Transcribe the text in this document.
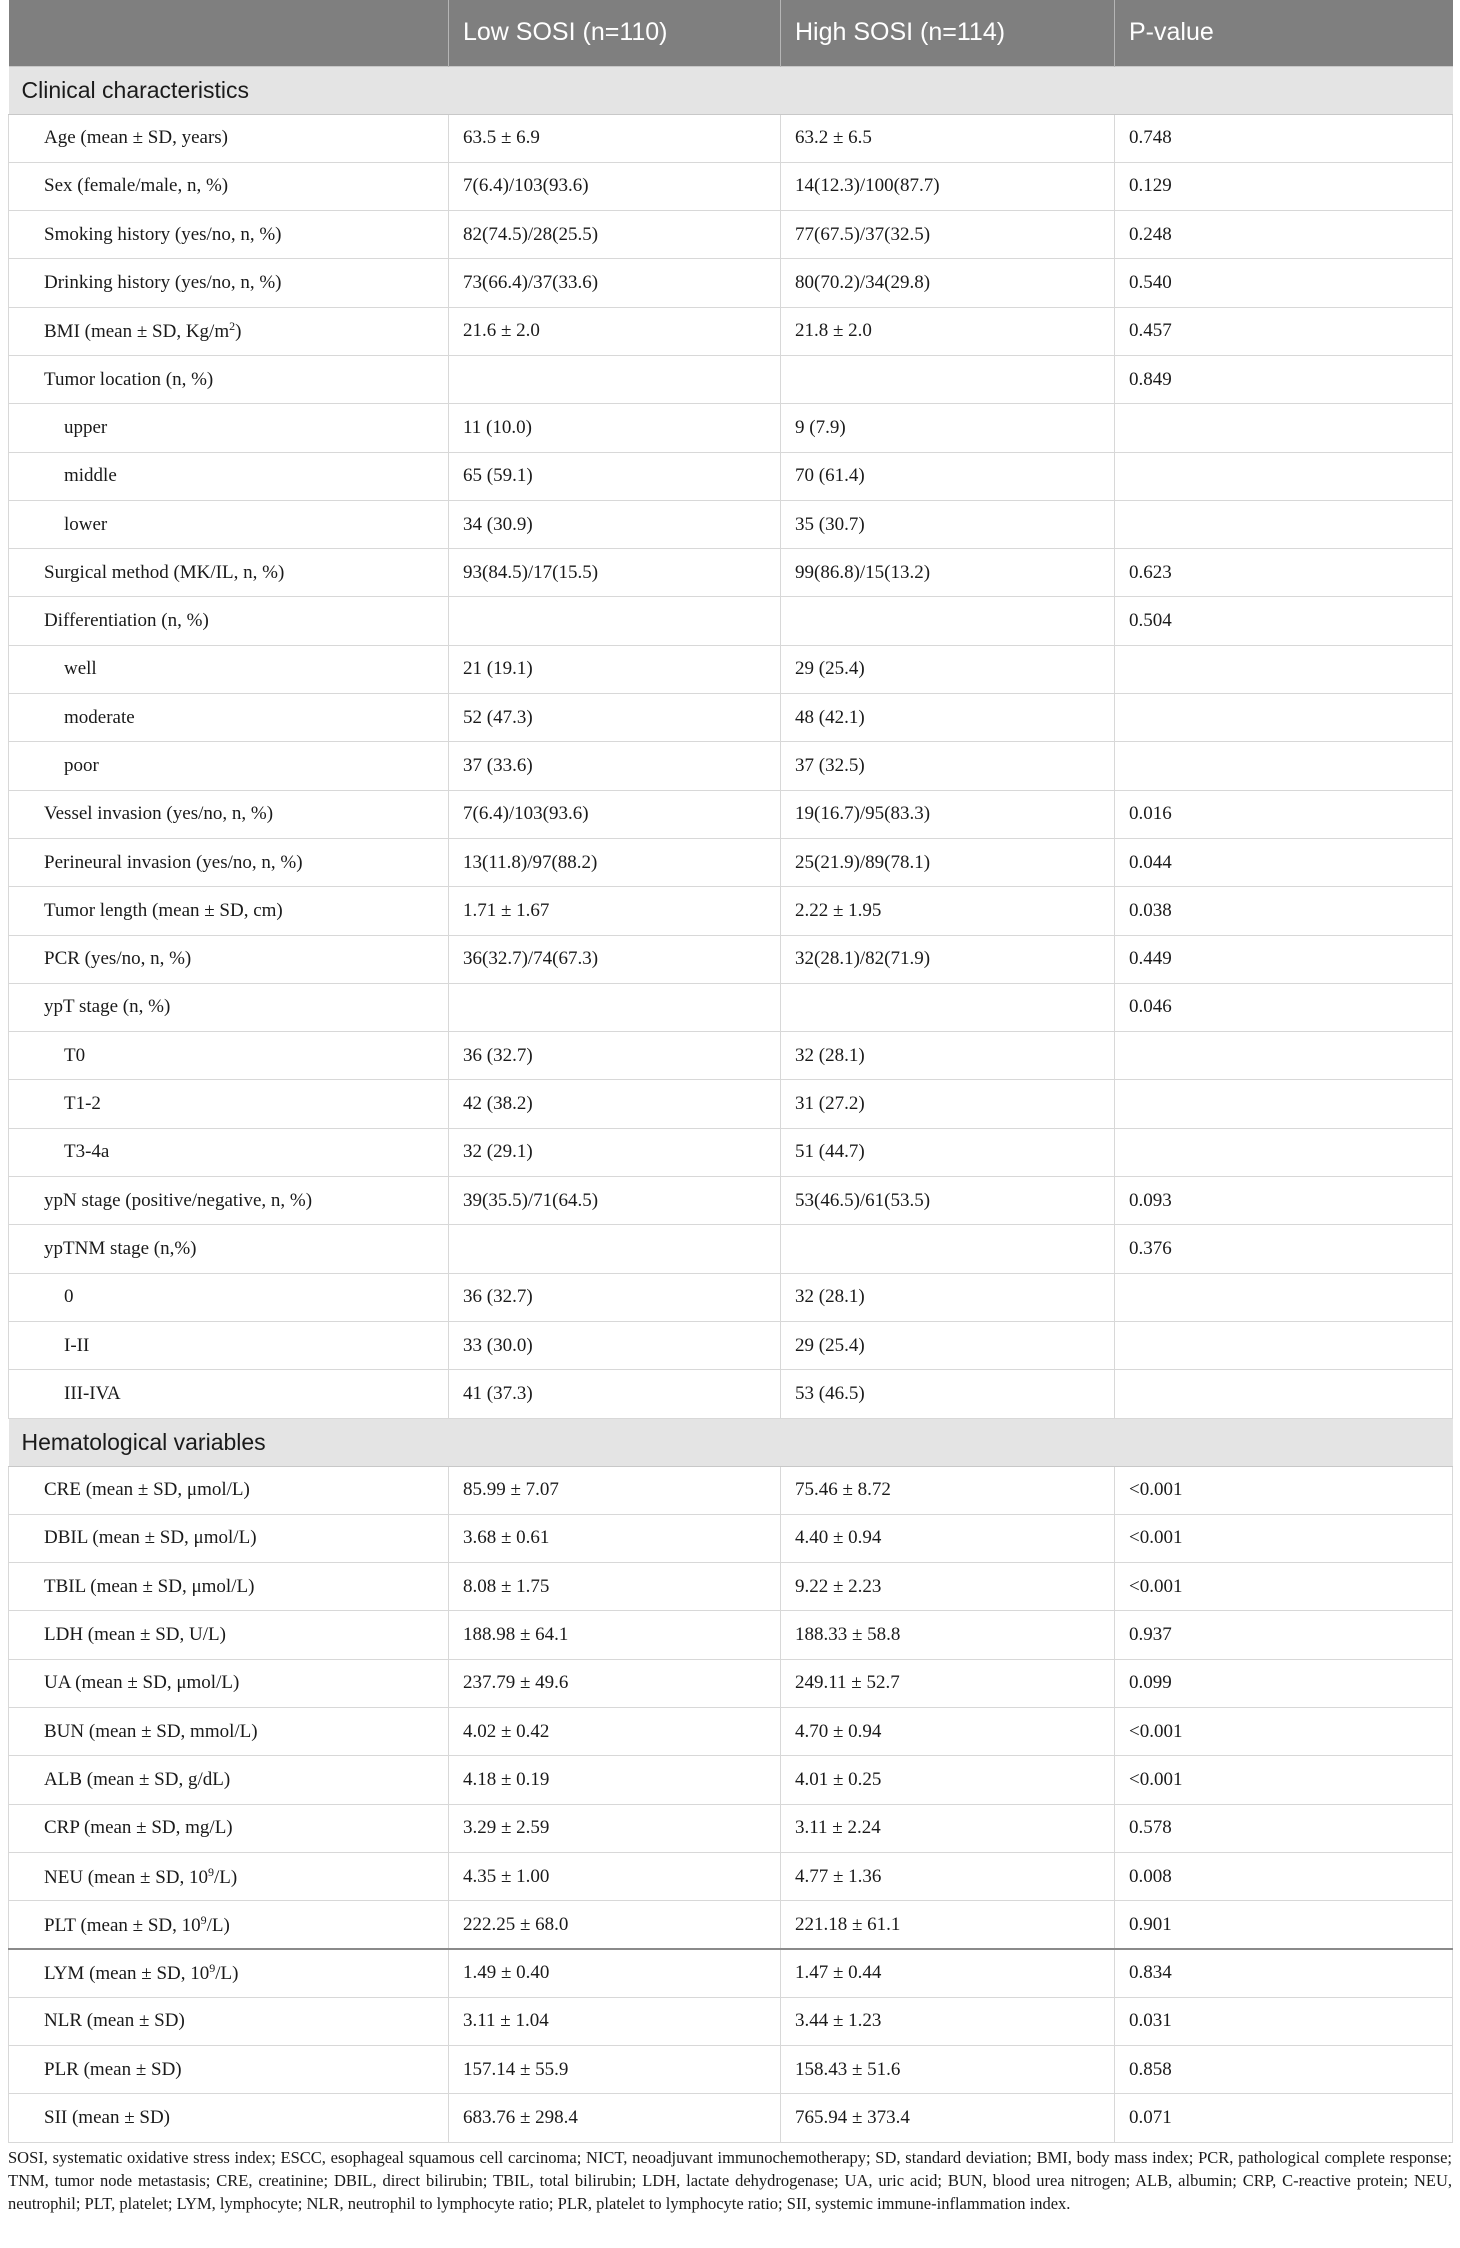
	Low SOSI (n=110)	High SOSI (n=114)	P-value
Clinical characteristics			
Age (mean ± SD, years)	63.5 ± 6.9	63.2 ± 6.5	0.748
Sex (female/male, n, %)	7(6.4)/103(93.6)	14(12.3)/100(87.7)	0.129
Smoking history (yes/no, n, %)	82(74.5)/28(25.5)	77(67.5)/37(32.5)	0.248
Drinking history (yes/no, n, %)	73(66.4)/37(33.6)	80(70.2)/34(29.8)	0.540
BMI (mean ± SD, $Kg/m^2$)	21.6 ± 2.0	21.8 ± 2.0	0.457
Tumor location (n, %)			0.849
upper	11 (10.0)	9 (7.9)	
middle	65 (59.1)	70 (61.4)	
lower	34 (30.9)	35 (30.7)	
Surgical method (MK/IL, n, %)	93(84.5)/17(15.5)	99(86.8)/15(13.2)	0.623
Differentiation (n, %)			0.504
well	21 (19.1)	29 (25.4)	
moderate	52 (47.3)	48 (42.1)	
poor	37 (33.6)	37 (32.5)	
Vessel invasion (yes/no, n, %)	7(6.4)/103(93.6)	19(16.7)/95(83.3)	0.016
Perineural invasion (yes/no, n, %)	13(11.8)/97(88.2)	25(21.9)/89(78.1)	0.044
Tumor length (mean ± SD, cm)	1.71 ± 1.67	2.22 ± 1.95	0.038
PCR (yes/no, n, %)	36(32.7)/74(67.3)	32(28.1)/82(71.9)	0.449
ypT stage (n, %)			0.046
T0	36 (32.7)	32 (28.1)	
T1-2	42 (38.2)	31 (27.2)	
T3-4a	32 (29.1)	51 (44.7)	
ypN stage (positive/negative, n, %)	39(35.5)/71(64.5)	53(46.5)/61(53.5)	0.093
ypTNM stage (n,%)			0.376
0	36 (32.7)	32 (28.1)	
I-II	33 (30.0)	29 (25.4)	
III-IVA	41 (37.3)	53 (46.5)	
Hematological variables			
CRE (mean ± SD, μmol/L)	85.99 ± 7.07	75.46 ± 8.72	<0.001
DBIL (mean ± SD, μmol/L)	3.68 ± 0.61	4.40 ± 0.94	<0.001
TBIL (mean ± SD, μmol/L)	8.08 ± 1.75	9.22 ± 2.23	<0.001
LDH (mean ± SD, U/L)	188.98 ± 64.1	188.33 ± 58.8	0.937
UA (mean ± SD, μmol/L)	237.79 ± 49.6	249.11 ± 52.7	0.099
BUN (mean ± SD, mmol/L)	4.02 ± 0.42	4.70 ± 0.94	<0.001
ALB (mean ± SD, g/dL)	4.18 ± 0.19	4.01 ± 0.25	<0.001
CRP (mean ± SD, mg/L)	3.29 ± 2.59	3.11 ± 2.24	0.578
NEU (mean ± SD, $10^9/L$)	4.35 ± 1.00	4.77 ± 1.36	0.008
PLT (mean ± SD, $10^9/L$)	222.25 ± 68.0	221.18 ± 61.1	0.901
LYM (mean ± SD, $10^9/L$)	1.49 ± 0.40	1.47 ± 0.44	0.834
NLR (mean ± SD)	3.11 ± 1.04	3.44 ± 1.23	0.031
PLR (mean ± SD)	157.14 ± 55.9	158.43 ± 51.6	0.858
SII (mean ± SD)	683.76 ± 298.4	765.94 ± 373.4	0.071
SOSI, systematic oxidative stress index; ESCC, esophageal squamous cell carcinoma; NICT, neoadjuvant immunochemotherapy; SD, standard deviation; BMI, body mass index; PCR, pathological complete response; TNM, tumor node metastasis; CRE, creatinine; DBIL, direct bilirubin; TBIL, total bilirubin; LDH, lactate dehydrogenase; UA, uric acid; BUN, blood urea nitrogen; ALB, albumin; CRP, C-reactive protein; NEU, neutrophil; PLT, platelet; LYM, lymphocyte; NLR, neutrophil to lymphocyte ratio; PLR, platelet to lymphocyte ratio; SII, systemic immune-inflammation index.
